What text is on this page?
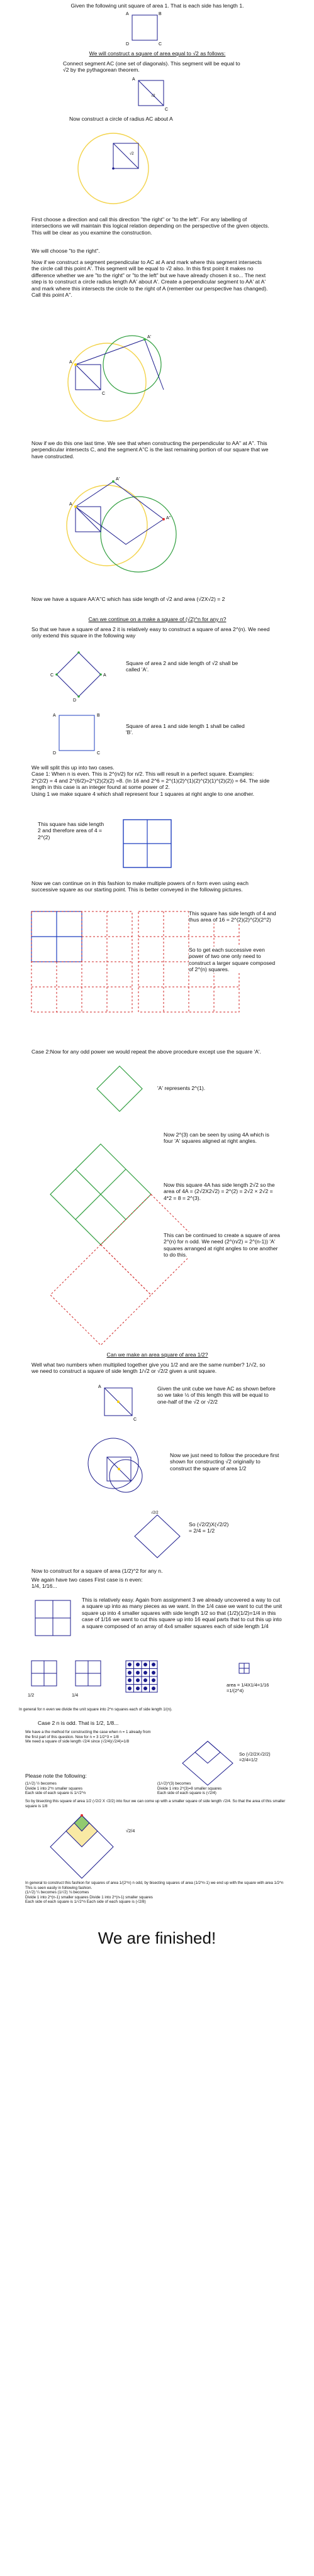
Given the following unit square of area 1. That is each side has length 1.
A	B
D	C
We will construct a square of area equal to √2 as follows:
Connect segment AC (one set of diagonals). This segment will be equal to √2 by the pythagorean theorem.
A
C
√2
Now construct a circle of radius AC about A
√2
First choose a direction and call this direction "the right" or "to the left". For any labelling of intersections we will maintain this logical relation depending on the perspective of the given objects. This will be clear as you examine the construction.
We will choose "to the right".
Now if we construct a segment perpendicular to AC at A and mark where this segment intersects the circle call this point A'. This segment will be equal to √2 also. In this first point it makes no difference whether we are "to the right" or "to the left" but we have already chosen it so... The next step is to construct a circle radius length AA' about A'. Create a perpendicular segment to AA' at A' and mark where this intersects the circle to the right of A (remember our perspective has changed). Call this point A''.
A
A'
C
Now if we do this one last time. We see that when constructing the perpendicular to AA'' at A''. This perpendicular intersects C, and the segment A''C is the last remaining portion of our square that we have constructed.
A
A'
A''
Now we have a square AA'A''C which has side length of √2 and area (√2X√2) = 2
Can we continue on a make a square of (√2)^n for any n?
So that we have a square of area 2 it is relatively easy to construct a square of area 2^(n). We need only extend this square in the following way
C	A
D
Square of area 2 and side length of √2 shall be called 'A'.
A	B
D	C
Square of area 1 and side length 1 shall be called 'B'.
We will split this up into two cases.
Case 1: When n is even. This is 2^(n/2) for n/2. This will result in a perfect square. Examples: 2^(2/2) = 4 and 2^(6/2)=2^(2)(2)(2) =8. (In 16 and 2^6 = 2^(1)(2)^(1)(2)^(2)(1)^(2)(2)) = 64. The side length in this case is an integer found at some power of 2.
Using 1 we make square 4 which shall represent four 1 squares at right angle to one another.
This square has side length 2 and therefore area of 4 = 2^(2)
Now we can continue on in this fashion to make multiple powers of n form even using each successive square as our starting point. This is better conveyed in the following pictures.
This square has side length of 4 and thus area of 16 = 2^(2)(2)^(2)(2^2)
So to get each successive even power of two one only need to construct a larger square composed of 2^(n) squares.
Case 2:Now for any odd power we would repeat the above procedure except use the square 'A'.
'A' represents 2^(1).
Now 2^(3) can be seen by using 4A which is four 'A' squares aligned at right angles.
Now this square 4A has side length 2√2 so the area of 4A = (2√2X2√2) = 2^(2) = 2√2 × 2√2 = 4*2 = 8 = 2^(3).
This can be continued to create a square of area 2^(n) for n odd. We need (2^(n/2) = 2^(n-1)) 'A' squares arranged at right angles to one another to do this.
Can we make an area square of area 1/2?
Well what two numbers when multiplied together give you 1/2 and are the same number? 1/√2, so we need to construct a square of side length 1/√2 or √2/2 given a unit square.
A
C
Given the unit cube we have AC as shown before so we take ½ of this length this will be equal to one-half of the √2 or √2/2
Now we just need to follow the procedure first shown for constructing √2 originally to construct the square of area 1/2
√2/2
So (√2/2)X(√2/2)
= 2/4 = 1/2
Now to construct for a square of area (1/2)^2 for any n.
We again have two cases First case is n even:
1/4, 1/16...
This is relatively easy. Again from assignment 3 we already uncovered a way to cut a square up into as many pieces as we want. In the 1/4 case we want to cut the unit square up into 4 smaller squares with side length 1/2 so that (1/2)(1/2)=1/4 in this case of 1/16 we want to cut this square up into 16 equal parts that to cut this up into a square composed of an array of 4x4 smaller squares each of side length 1/4
1/2	1/4
area = 1/4X1/4=1/16
=1/(2^4)
In general for n even we divide the unit square into 2^n squares each of side length 1/(n).
Case 2 n is odd. That is 1/2, 1/8...
We have a the method for constructing the case when n = 1 already from the first part of this question. Now for n = 3 1/2^3 = 1/8
We need a square of side length √2/4 since (√2/4)(√2/4)=1/8
So (√2/2X√2/2)
=2/4=1/2
Please note the following:
(1/√2) ½ becomes
Divide 1 into 2^n smaller squares
Each side of each square is 1/√2^n
(1/√2)^(3) becomes
Divide 1 into 2^(3)=8 smaller squares
Each side of each square is (√2/4)
So by bisecting this square of area 1/2 (√2/2 X √2/2) into four we can come up with a smaller square of side length √2/4. So that the area of this smaller square is 1/8
√2/4
In general to construct this fashion for squares of area 1/(2^n) n odd, by bisecting squares of area (1/2^n-1) we end up with the square with area 1/2^n
This is seen easily in following fashion.
(1/√2) ¼ becomes (1/√2) ⅛ becomes
Divide 1 into 2^(n-1) smaller squares Divide 1 into 2^(n-1) smaller squares
Each side of each square is 1/√2^n Each side of each square is (√2/8)
We are finished!
